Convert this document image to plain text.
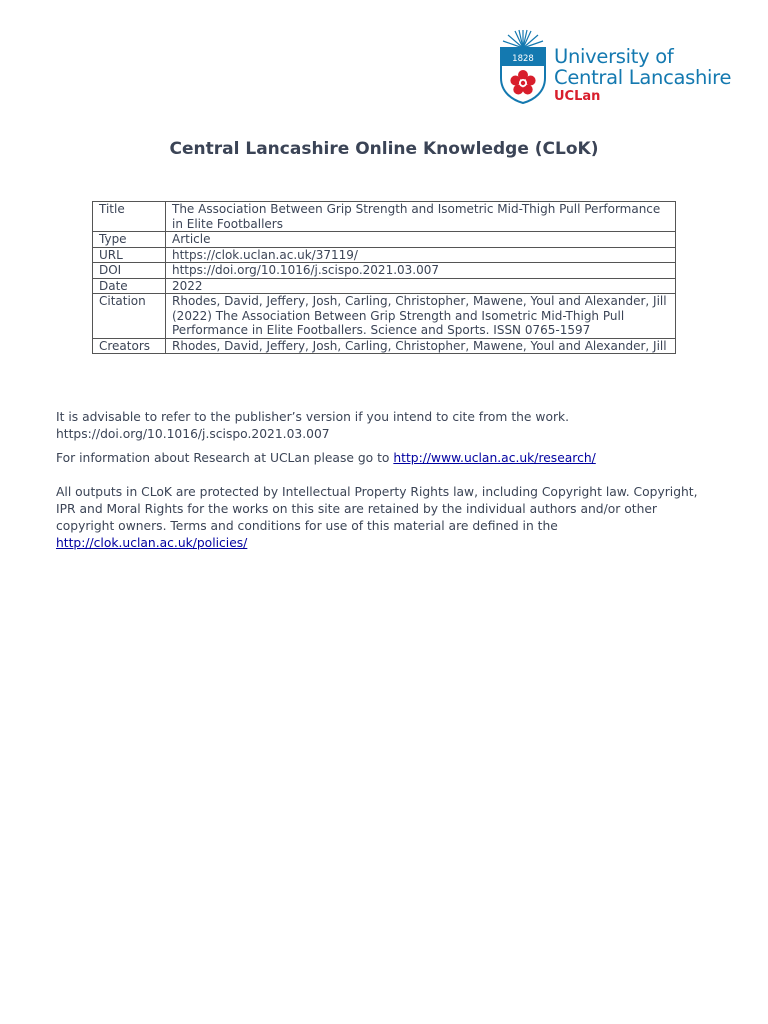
1828	University of
Central Lancashire
UCLan
Central Lancashire Online Knowledge (CLoK)
Title	The Association Between Grip Strength and Isometric Mid-Thigh Pull Performance in Elite Footballers
Type	Article
URL	https://clok.uclan.ac.uk/37119/
DOI	https://doi.org/10.1016/j.scispo.2021.03.007
Date	2022
Citation	Rhodes, David, Jeffery, Josh, Carling, Christopher, Mawene, Youl and Alexander, Jill (2022) The Association Between Grip Strength and Isometric Mid-Thigh Pull Performance in Elite Footballers. Science and Sports. ISSN 0765-1597
Creators	Rhodes, David, Jeffery, Josh, Carling, Christopher, Mawene, Youl and Alexander, Jill

It is advisable to refer to the publisher’s version if you intend to cite from the work.
https://doi.org/10.1016/j.scispo.2021.03.007

For information about Research at UCLan please go to http://www.uclan.ac.uk/research/

All outputs in CLoK are protected by Intellectual Property Rights law, including Copyright law. Copyright, IPR and Moral Rights for the works on this site are retained by the individual authors and/or other copyright owners. Terms and conditions for use of this material are defined in the http://clok.uclan.ac.uk/policies/
